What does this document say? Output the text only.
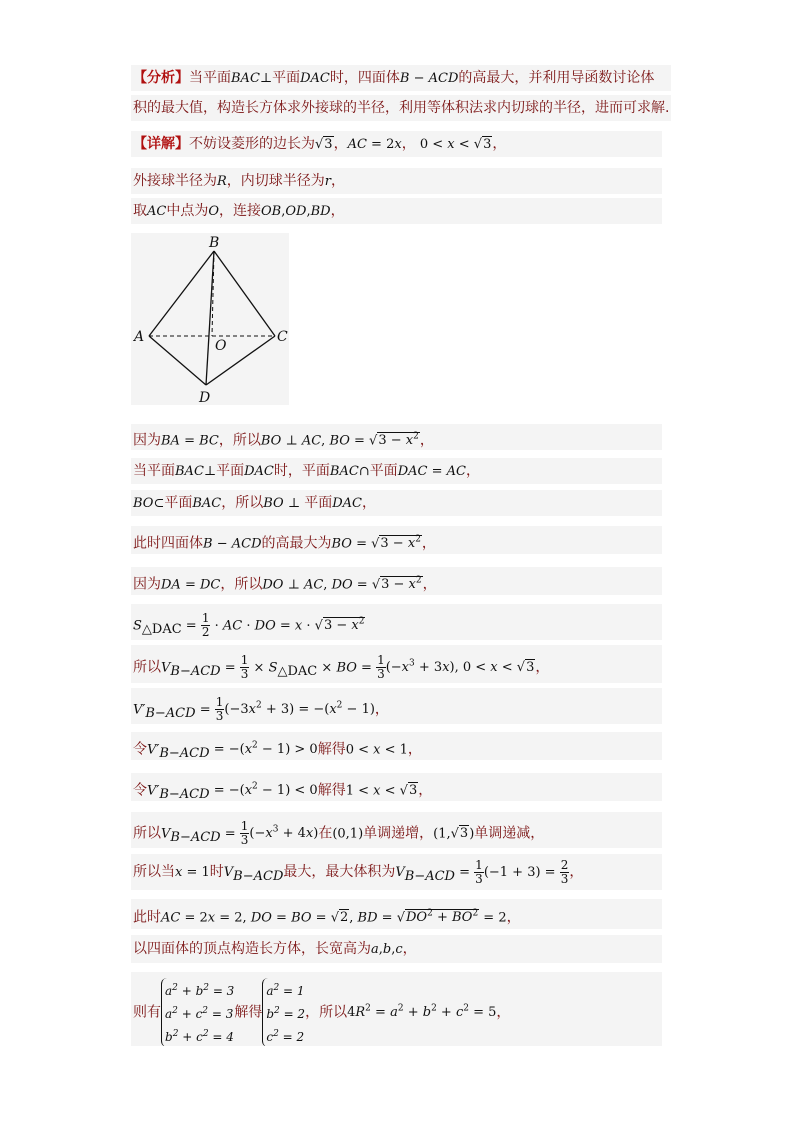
【分析】当平面BAC⊥平面DAC时，四面体B − ACD的高最大，并利用导函数讨论体
积的最大值，构造长方体求外接球的半径，利用等体积法求内切球的半径，进而可求解.
【详解】不妨设菱形的边长为√3，AC = 2x， 0 < x < √3，
外接球半径为R，内切球半径为r，
取AC中点为O，连接OB,OD,BD，
B
A	C
O
D
因为BA = BC，所以BO ⊥ AC, BO = $√3 - x^2$，
当平面BAC⊥平面DAC时，平面BAC∩平面DAC = AC，
BO⊂平面BAC，所以BO ⊥ 平面DAC，
此时四面体B − ACD的高最大为BO = $√3 - x^2$，
因为DA = DC，所以DO ⊥ AC, DO = $√3 - x^2$，
$S_{\triangle DAC} = \frac{1}{2}$ · AC · DO = $x \cdot √3 - x^2$
所以$V_{B-ACD} = \frac{1}{3} \times S_{\triangle DAC}$ × BO = $\frac{1}{3} (-x^3 + 3x)$, 0 < x < √3，
$V'_{B-ACD} = \frac{1}{3} (-3x^2 + 3) = -(x^2 - 1)$，
令$V'_{B-ACD} = -(x^2 - 1) > 0$解得0 < x < 1，
令$V'_{B-ACD} = -(x^2 - 1) < 0$解得1 < x < √3，
所以$V_{B-ACD} = \frac{1}{3} (-x^3 + 4x)$在(0,1)单调递增，(1,√3)单调递减，
所以当x = 1时$V_{B-ACD}$最大，最大体积为$V_{B-ACD} = \frac{1}{3} (-1 + 3) = \frac{2}{3}$ ，
此时AC = 2x = 2, DO = BO = √2, BD = $√DO^2 + BO^2 = 2$，
以四面体的顶点构造长方体，长宽高为a,b,c，
则有
$a^2 + b^2 = 3$
$a^2 + c^2 = 3$
$b^2 + c^2 = 4$
解得
$a^2 = 1$
$b^2 = 2$
$c^2 = 2$
，所以$4R^2 = a^2 + b^2 + c^2 = 5$，
